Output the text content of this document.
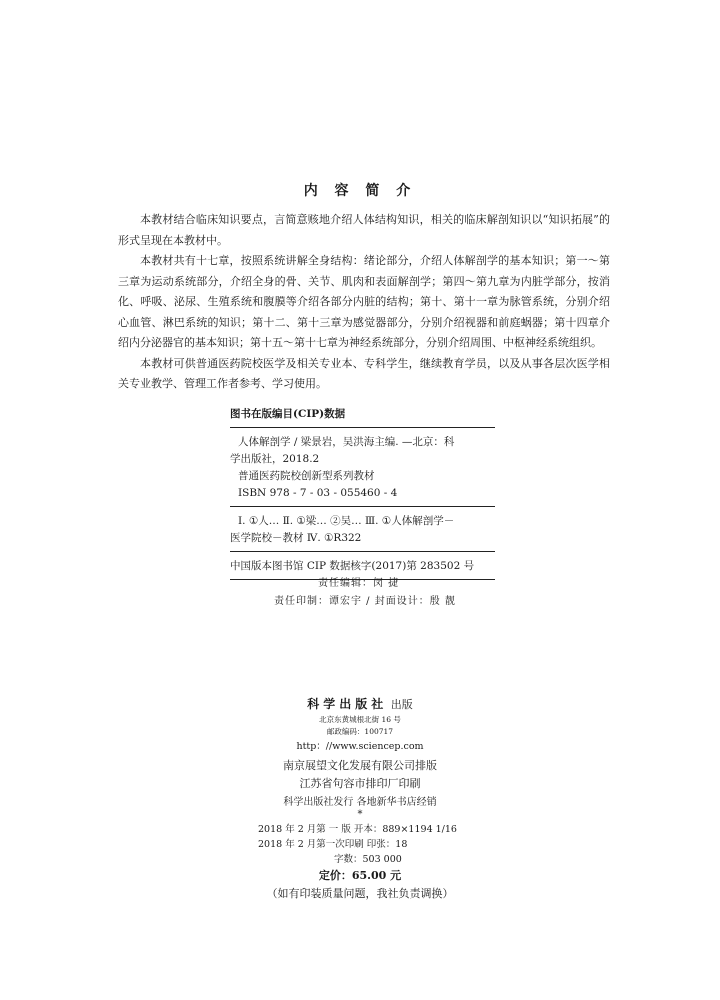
内 容 简 介

本教材结合临床知识要点，言简意赅地介绍人体结构知识，相关的临床解剖知识以“知识拓展”的形式呈现在本教材中。

本教材共有十七章，按照系统讲解全身结构：绪论部分，介绍人体解剖学的基本知识；第一～第三章为运动系统部分，介绍全身的骨、关节、肌肉和表面解剖学；第四～第九章为内脏学部分，按消化、呼吸、泌尿、生殖系统和腹膜等介绍各部分内脏的结构；第十、第十一章为脉管系统，分别介绍心血管、淋巴系统的知识；第十二、第十三章为感觉器部分，分别介绍视器和前庭蜗器；第十四章介绍内分泌器官的基本知识；第十五～第十七章为神经系统部分，分别介绍周围、中枢神经系统组织。

本教材可供普通医药院校医学及相关专业本、专科学生，继续教育学员，以及从事各层次医学相关专业教学、管理工作者参考、学习使用。

图书在版编目(CIP)数据
人体解剖学 / 梁景岩，吴洪海主编. —北京：科
学出版社，2018.2
普通医药院校创新型系列教材
ISBN 978 - 7 - 03 - 055460 - 4
Ⅰ. ①人… Ⅱ. ①梁… ②吴… Ⅲ. ①人体解剖学－
医学院校－教材 Ⅳ. ①R322
中国版本图书馆 CIP 数据核字(2017)第 283502 号
责任编辑：闵 捷
责任印制：谭宏宇 / 封面设计：殷 靓
科学出版社 出版
北京东黄城根北街 16 号
邮政编码：100717
http：//www.sciencep.com
南京展望文化发展有限公司排版
江苏省句容市排印厂印刷
科学出版社发行 各地新华书店经销
*
2018 年 2 月第 一 版 开本：889×1194 1/16
2018 年 2 月第一次印刷 印张：18
字数：503 000
定价：65.00 元
（如有印装质量问题，我社负责调换）
